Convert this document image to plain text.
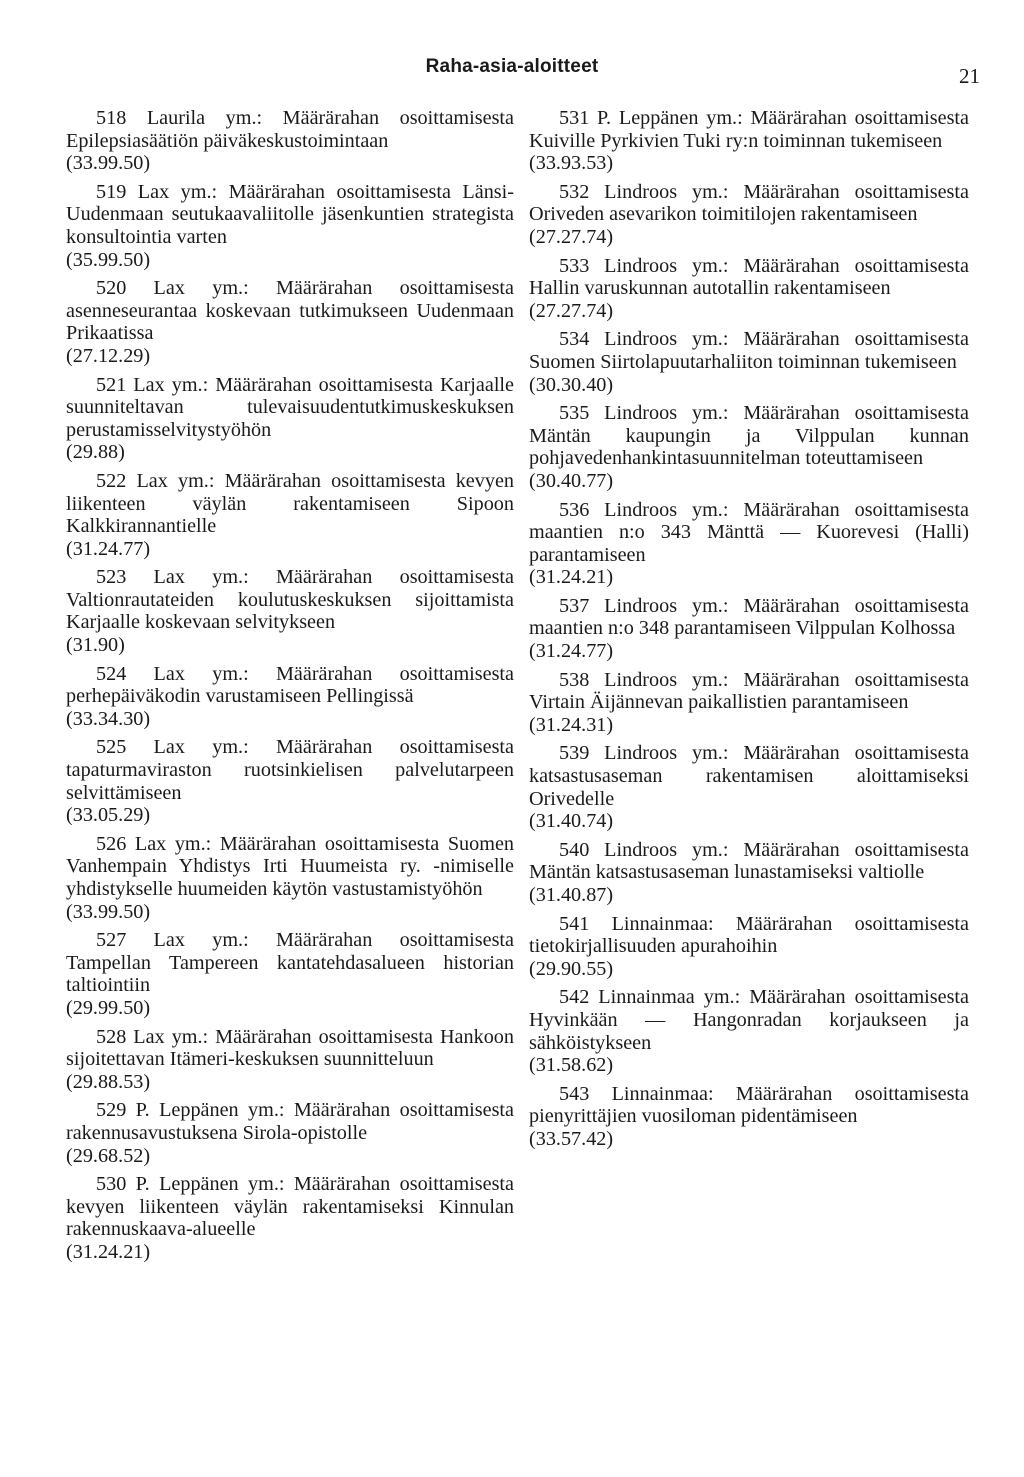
Raha-asia-aloitteet	21
518 Laurila ym.: Määrärahan osoittamisesta Epilepsiasäätiön päiväkeskustoimintaan
(33.99.50)
519 Lax ym.: Määrärahan osoittamisesta Länsi-Uudenmaan seutukaavaliitolle jäsenkuntien strategista konsultointia varten
(35.99.50)
520 Lax ym.: Määrärahan osoittamisesta asenneseurantaa koskevaan tutkimukseen Uudenmaan Prikaatissa
(27.12.29)
521 Lax ym.: Määrärahan osoittamisesta Karjaalle suunniteltavan tulevaisuudentutkimuskeskuksen perustamisselvitystyöhön
(29.88)
522 Lax ym.: Määrärahan osoittamisesta kevyen liikenteen väylän rakentamiseen Sipoon Kalkkirannantielle
(31.24.77)
523 Lax ym.: Määrärahan osoittamisesta Valtionrautateiden koulutuskeskuksen sijoittamista Karjaalle koskevaan selvitykseen
(31.90)
524 Lax ym.: Määrärahan osoittamisesta perhepäiväkodin varustamiseen Pellingissä
(33.34.30)
525 Lax ym.: Määrärahan osoittamisesta tapaturmaviraston ruotsinkielisen palvelutarpeen selvittämiseen
(33.05.29)
526 Lax ym.: Määrärahan osoittamisesta Suomen Vanhempain Yhdistys Irti Huumeista ry. -nimiselle yhdistykselle huumeiden käytön vastustamistyöhön
(33.99.50)
527 Lax ym.: Määrärahan osoittamisesta Tampellan Tampereen kantatehdasalueen historian taltiointiin
(29.99.50)
528 Lax ym.: Määrärahan osoittamisesta Hankoon sijoitettavan Itämeri-keskuksen suunnitteluun
(29.88.53)
529 P. Leppänen ym.: Määrärahan osoittamisesta rakennusavustuksena Sirola-opistolle
(29.68.52)
530 P. Leppänen ym.: Määrärahan osoittamisesta kevyen liikenteen väylän rakentamiseksi Kinnulan rakennuskaava-alueelle
(31.24.21)
531 P. Leppänen ym.: Määrärahan osoittamisesta Kuiville Pyrkivien Tuki ry:n toiminnan tukemiseen
(33.93.53)
532 Lindroos ym.: Määrärahan osoittamisesta Oriveden asevarikon toimitilojen rakentamiseen
(27.27.74)
533 Lindroos ym.: Määrärahan osoittamisesta Hallin varuskunnan autotallin rakentamiseen
(27.27.74)
534 Lindroos ym.: Määrärahan osoittamisesta Suomen Siirtolapuutarhaliiton toiminnan tukemiseen
(30.30.40)
535 Lindroos ym.: Määrärahan osoittamisesta Mäntän kaupungin ja Vilppulan kunnan pohjavedenhankintasuunnitelman toteuttamiseen
(30.40.77)
536 Lindroos ym.: Määrärahan osoittamisesta maantien n:o 343 Mänttä — Kuorevesi (Halli) parantamiseen
(31.24.21)
537 Lindroos ym.: Määrärahan osoittamisesta maantien n:o 348 parantamiseen Vilppulan Kolhossa
(31.24.77)
538 Lindroos ym.: Määrärahan osoittamisesta Virtain Äijännevan paikallistien parantamiseen
(31.24.31)
539 Lindroos ym.: Määrärahan osoittamisesta katsastusaseman rakentamisen aloittamiseksi Orivedelle
(31.40.74)
540 Lindroos ym.: Määrärahan osoittamisesta Mäntän katsastusaseman lunastamiseksi valtiolle
(31.40.87)
541 Linnainmaa: Määrärahan osoittamisesta tietokirjallisuuden apurahoihin
(29.90.55)
542 Linnainmaa ym.: Määrärahan osoittamisesta Hyvinkään — Hangonradan korjaukseen ja sähköistykseen
(31.58.62)
543 Linnainmaa: Määrärahan osoittamisesta pienyrittäjien vuosiloman pidentämiseen
(33.57.42)
